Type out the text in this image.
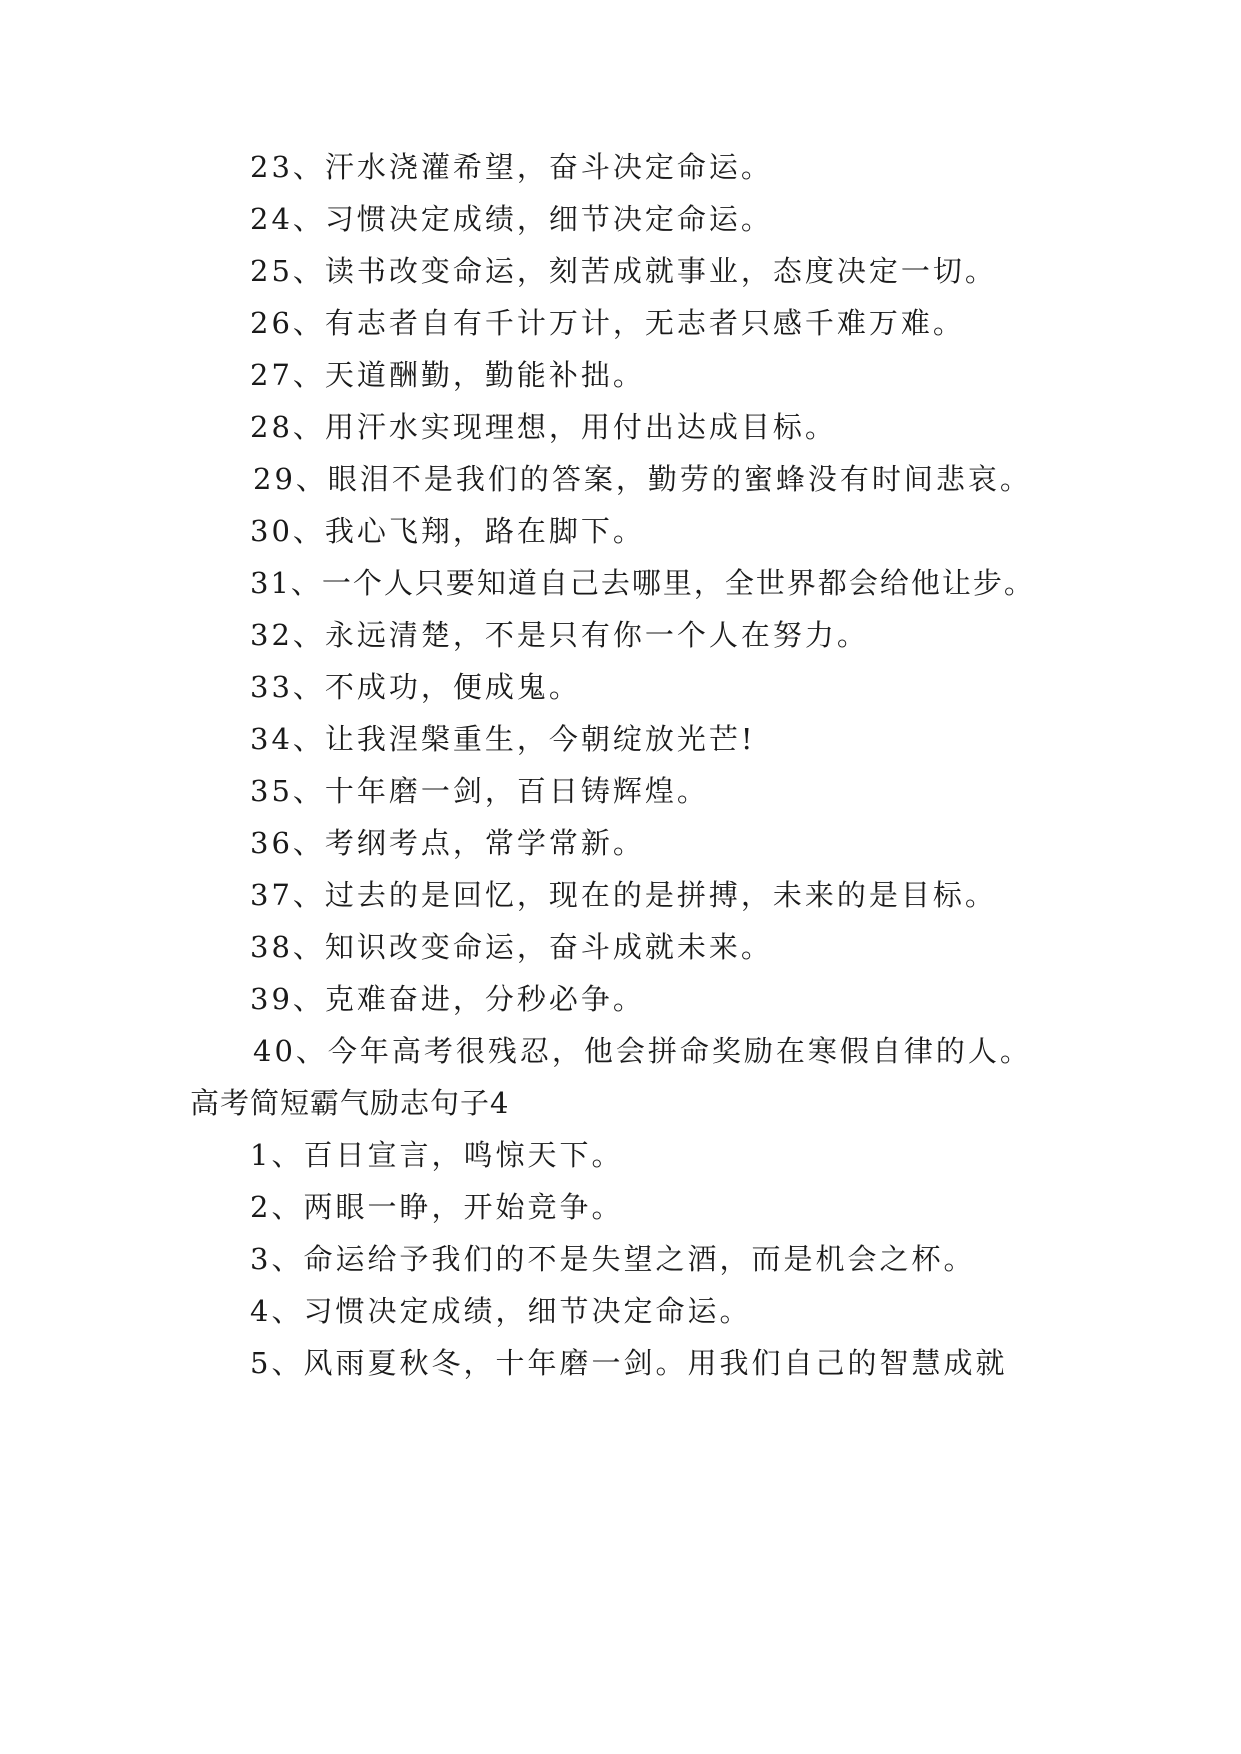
23、汗水浇灌希望，奋斗决定命运。
24、习惯决定成绩，细节决定命运。
25、读书改变命运，刻苦成就事业，态度决定一切。
26、有志者自有千计万计，无志者只感千难万难。
27、天道酬勤，勤能补拙。
28、用汗水实现理想，用付出达成目标。
29、眼泪不是我们的答案，勤劳的蜜蜂没有时间悲哀。
30、我心飞翔，路在脚下。
31、一个人只要知道自己去哪里，全世界都会给他让步。
32、永远清楚，不是只有你一个人在努力。
33、不成功，便成鬼。
34、让我涅槃重生，今朝绽放光芒!
35、十年磨一剑，百日铸辉煌。
36、考纲考点，常学常新。
37、过去的是回忆，现在的是拼搏，未来的是目标。
38、知识改变命运，奋斗成就未来。
39、克难奋进，分秒必争。
40、今年高考很残忍，他会拼命奖励在寒假自律的人。
高考简短霸气励志句子4
1、百日宣言，鸣惊天下。
2、两眼一睁，开始竞争。
3、命运给予我们的不是失望之酒，而是机会之杯。
4、习惯决定成绩，细节决定命运。
5、风雨夏秋冬，十年磨一剑。用我们自己的智慧成就
